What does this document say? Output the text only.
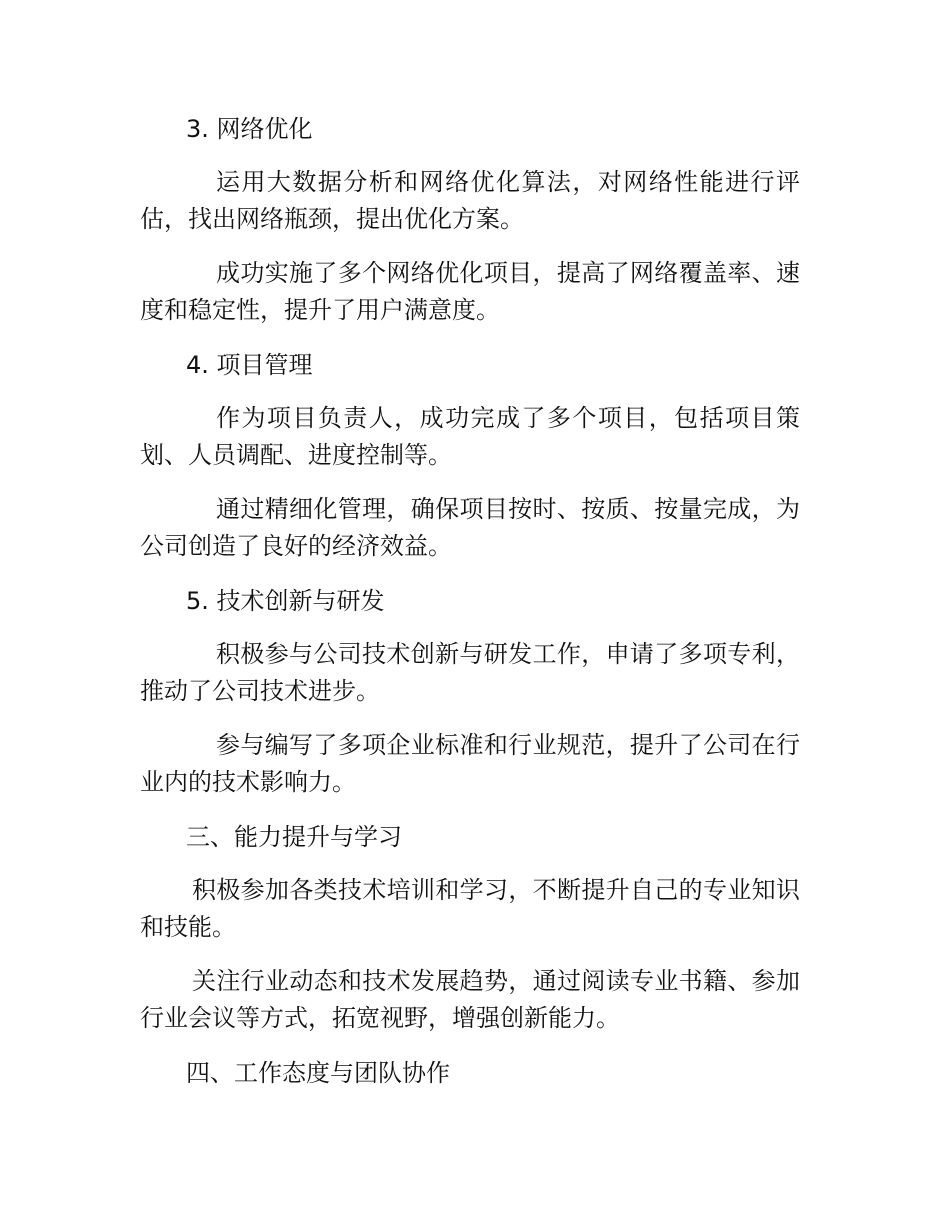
3. 网络优化

运用大数据分析和网络优化算法，对网络性能进行评估，找出网络瓶颈，提出优化方案。

成功实施了多个网络优化项目，提高了网络覆盖率、速度和稳定性，提升了用户满意度。

4. 项目管理

作为项目负责人，成功完成了多个项目，包括项目策划、人员调配、进度控制等。

通过精细化管理，确保项目按时、按质、按量完成，为公司创造了良好的经济效益。

5. 技术创新与研发

积极参与公司技术创新与研发工作，申请了多项专利，推动了公司技术进步。

参与编写了多项企业标准和行业规范，提升了公司在行业内的技术影响力。

三、能力提升与学习

积极参加各类技术培训和学习，不断提升自己的专业知识和技能。

关注行业动态和技术发展趋势，通过阅读专业书籍、参加行业会议等方式，拓宽视野，增强创新能力。

四、工作态度与团队协作
